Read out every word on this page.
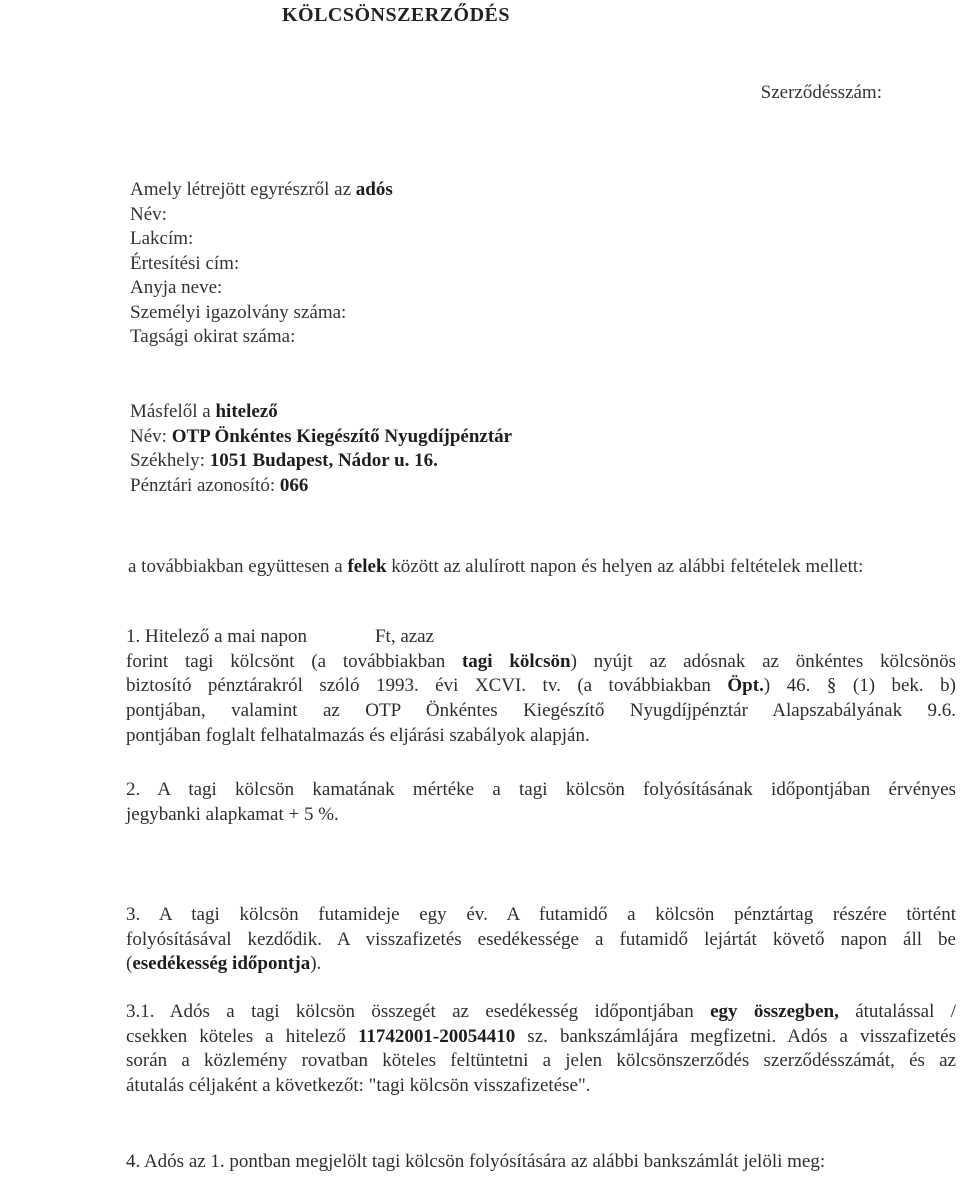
KÖLCSÖNSZERZŐDÉS
Szerződésszám:
Amely létrejött egyrészről az adós
Név:
Lakcím:
Értesítési cím:
Anyja neve:
Személyi igazolvány száma:
Tagsági okirat száma:
Másfelől a hitelező
Név: OTP Önkéntes Kiegészítő Nyugdíjpénztár
Székhely: 1051 Budapest, Nádor u. 16.
Pénztári azonosító: 066
a továbbiakban együttesen a felek között az alulírott napon és helyen az alábbi feltételek mellett:
1. Hitelező a mai napon	Ft, azaz
forint tagi kölcsönt (a továbbiakban tagi kölcsön) nyújt az adósnak az önkéntes kölcsönös
biztosító pénztárakról szóló 1993. évi XCVI. tv. (a továbbiakban Öpt.) 46. § (1) bek. b)
pontjában, valamint az OTP Önkéntes Kiegészítő Nyugdíjpénztár Alapszabályának 9.6.
pontjában foglalt felhatalmazás és eljárási szabályok alapján.
2. A tagi kölcsön kamatának mértéke a tagi kölcsön folyósításának időpontjában érvényes
jegybanki alapkamat + 5 %.
3. A tagi kölcsön futamideje egy év. A futamidő a kölcsön pénztártag részére történt
folyósításával kezdődik. A visszafizetés esedékessége a futamidő lejártát követő napon áll be
(esedékesség időpontja).
3.1. Adós a tagi kölcsön összegét az esedékesség időpontjában egy összegben, átutalással /
csekken köteles a hitelező 11742001-20054410 sz. bankszámlájára megfizetni. Adós a visszafizetés
során a közlemény rovatban köteles feltüntetni a jelen kölcsönszerződés szerződésszámát, és az
átutalás céljaként a következőt: "tagi kölcsön visszafizetése".
4. Adós az 1. pontban megjelölt tagi kölcsön folyósítására az alábbi bankszámlát jelöli meg:
